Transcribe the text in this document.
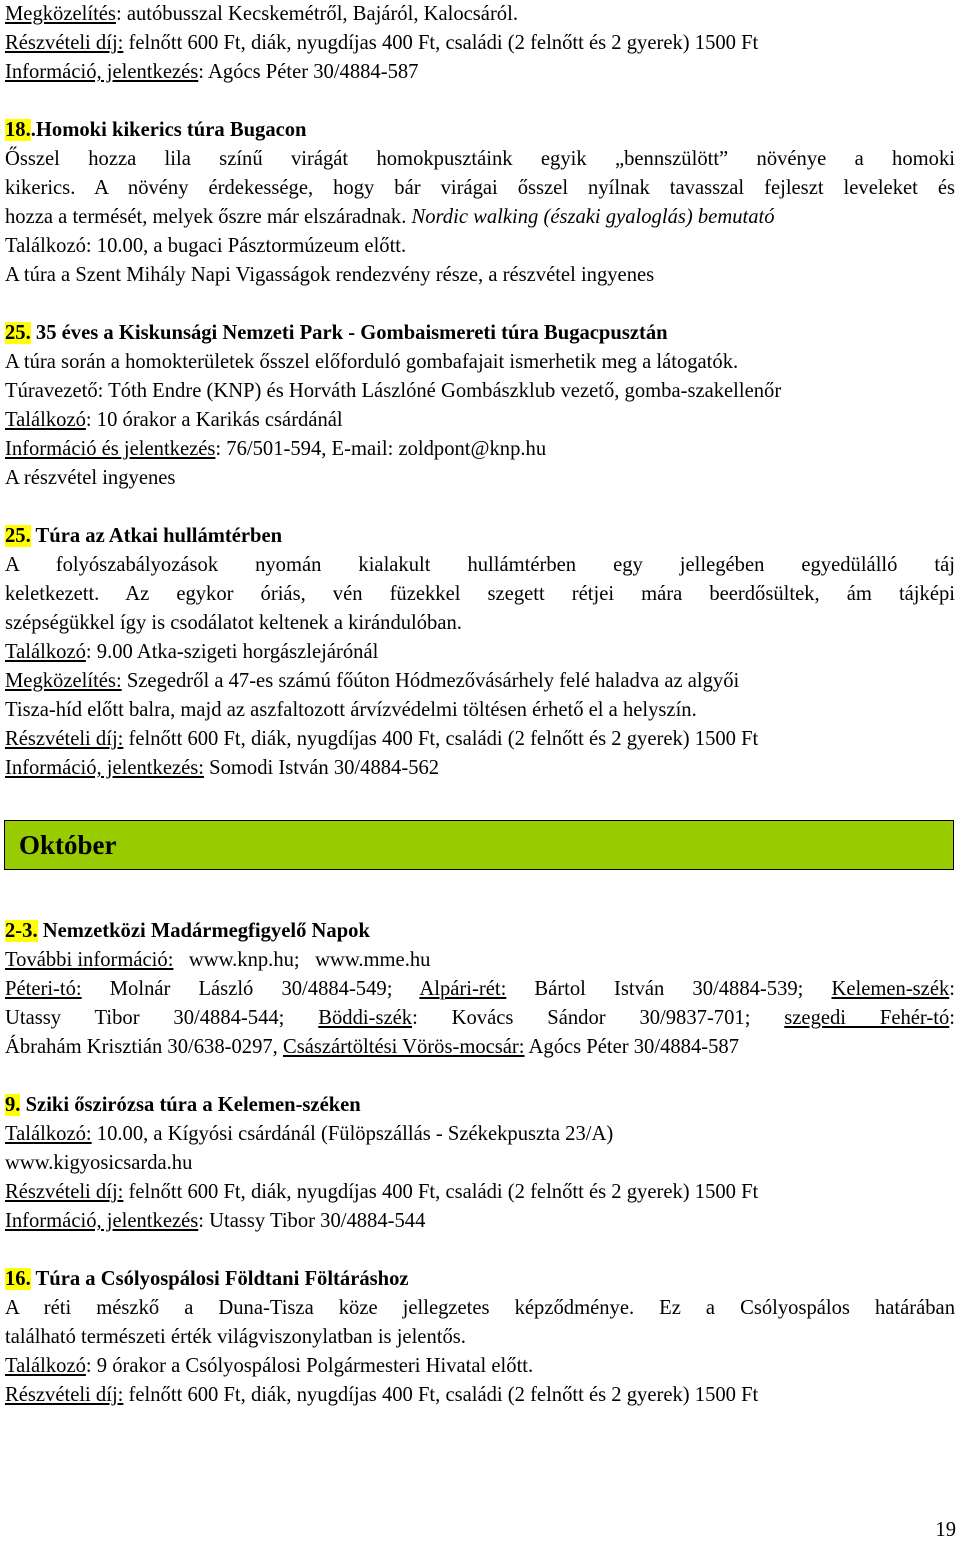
Megközelítés: autóbusszal Kecskemétről, Bajáról, Kalocsáról.
Részvételi díj: felnőtt 600 Ft, diák, nyugdíjas 400 Ft, családi (2 felnőtt és 2 gyerek) 1500 Ft
Információ, jelentkezés: Agócs Péter 30/4884-587
18..Homoki kikerics túra Bugacon
Ősszel hozza lila színű virágát homokpusztáink egyik „bennszülött” növénye a homoki
kikerics. A növény érdekessége, hogy bár virágai ősszel nyílnak tavasszal fejleszt leveleket és
hozza a termését, melyek őszre már elszáradnak. Nordic walking (északi gyaloglás) bemutató
Találkozó: 10.00, a bugaci Pásztormúzeum előtt.
A túra a Szent Mihály Napi Vigasságok rendezvény része, a részvétel ingyenes
25. 35 éves a Kiskunsági Nemzeti Park - Gombaismereti túra Bugacpusztán
A túra során a homokterületek ősszel előforduló gombafajait ismerhetik meg a látogatók.
Túravezető: Tóth Endre (KNP) és Horváth Lászlóné Gombászklub vezető, gomba-szakellenőr
Találkozó: 10 órakor a Karikás csárdánál
Információ és jelentkezés: 76/501-594, E-mail: zoldpont@knp.hu
A részvétel ingyenes
25. Túra az Atkai hullámtérben
A folyószabályozások nyomán kialakult hullámtérben egy jellegében egyedülálló táj
keletkezett. Az egykor óriás, vén füzekkel szegett rétjei mára beerdősültek, ám tájképi
szépségükkel így is csodálatot keltenek a kirándulóban.
Találkozó: 9.00 Atka-szigeti horgászlejárónál
Megközelítés: Szegedről a 47-es számú főúton Hódmezővásárhely felé haladva az algyői
Tisza-híd előtt balra, majd az aszfaltozott árvízvédelmi töltésen érhető el a helyszín.
Részvételi díj: felnőtt 600 Ft, diák, nyugdíjas 400 Ft, családi (2 felnőtt és 2 gyerek) 1500 Ft
Információ, jelentkezés: Somodi István 30/4884-562
Október
2-3. Nemzetközi Madármegfigyelő Napok
További információ:   www.knp.hu;   www.mme.hu
Péteri-tó: Molnár László 30/4884-549; Alpári-rét: Bártol István 30/4884-539; Kelemen-szék:
Utassy Tibor 30/4884-544; Böddi-szék: Kovács Sándor 30/9837-701; szegedi Fehér-tó:
Ábrahám Krisztián 30/638-0297, Császártöltési Vörös-mocsár: Agócs Péter 30/4884-587
9. Sziki őszirózsa túra a Kelemen-széken
Találkozó: 10.00, a Kígyósi csárdánál (Fülöpszállás - Székekpuszta 23/A)
www.kigyosicsarda.hu
Részvételi díj: felnőtt 600 Ft, diák, nyugdíjas 400 Ft, családi (2 felnőtt és 2 gyerek) 1500 Ft
Információ, jelentkezés: Utassy Tibor 30/4884-544
16. Túra a Csólyospálosi Földtani Föltáráshoz
A réti mészkő a Duna-Tisza köze jellegzetes képződménye. Ez a Csólyospálos határában
található természeti érték világviszonylatban is jelentős.
Találkozó: 9 órakor a Csólyospálosi Polgármesteri Hivatal előtt.
Részvételi díj: felnőtt 600 Ft, diák, nyugdíjas 400 Ft, családi (2 felnőtt és 2 gyerek) 1500 Ft
19
